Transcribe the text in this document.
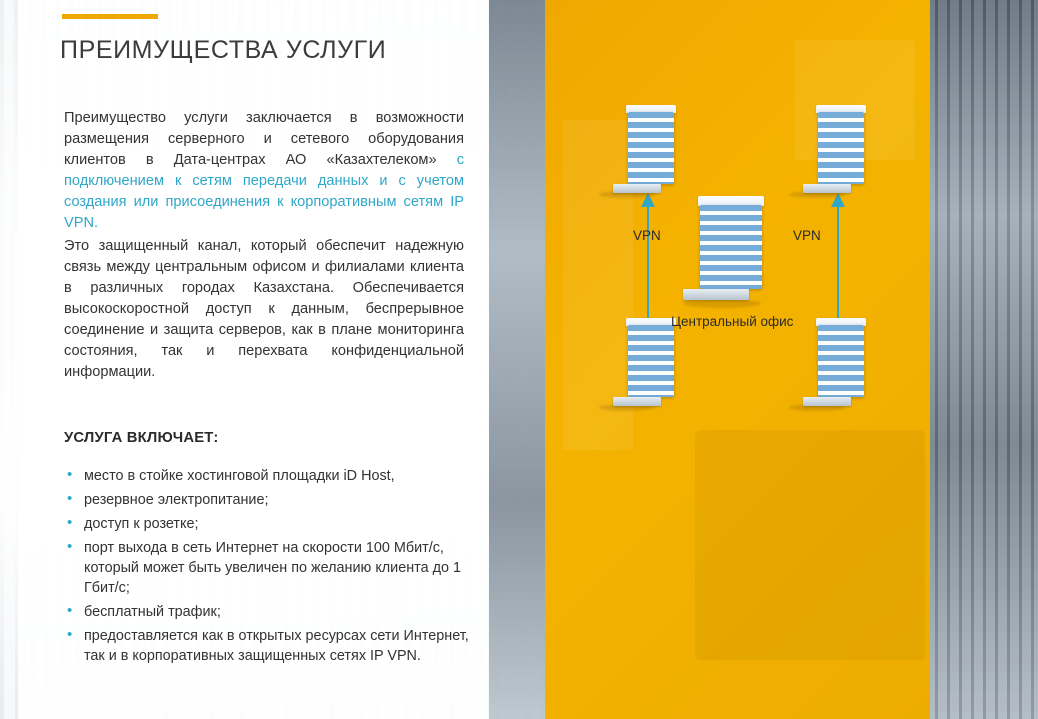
ПРЕИМУЩЕСТВА УСЛУГИ
Преимущество услуги заключается в возможности размещения серверного и сетевого оборудования клиентов в Дата-центрах АО «Казахтелеком» с подключением к сетям передачи данных и с учетом создания или присоединения к корпоративным сетям IP VPN.
Это защищенный канал, который обеспечит надежную связь между центральным офисом и филиалами клиента в различных городах Казахстана. Обеспечивается высокоскоростной доступ к данным, беспрерывное соединение и защита серверов, как в плане мониторинга состояния, так и перехвата конфиденциальной информации.
УСЛУГА ВКЛЮЧАЕТ:
• место в стойке хостинговой площадки iD Host,
• резервное электропитание;
• доступ к розетке;
• порт выхода в сеть Интернет на скорости 100 Мбит/с, который может быть увеличен по желанию клиента до 1 Гбит/с;
• бесплатный трафик;
• предоставляется как в открытых ресурсах сети Интернет, так и в корпоративных защищенных сетях IP VPN.
VPN	VPN
Центральный офис
